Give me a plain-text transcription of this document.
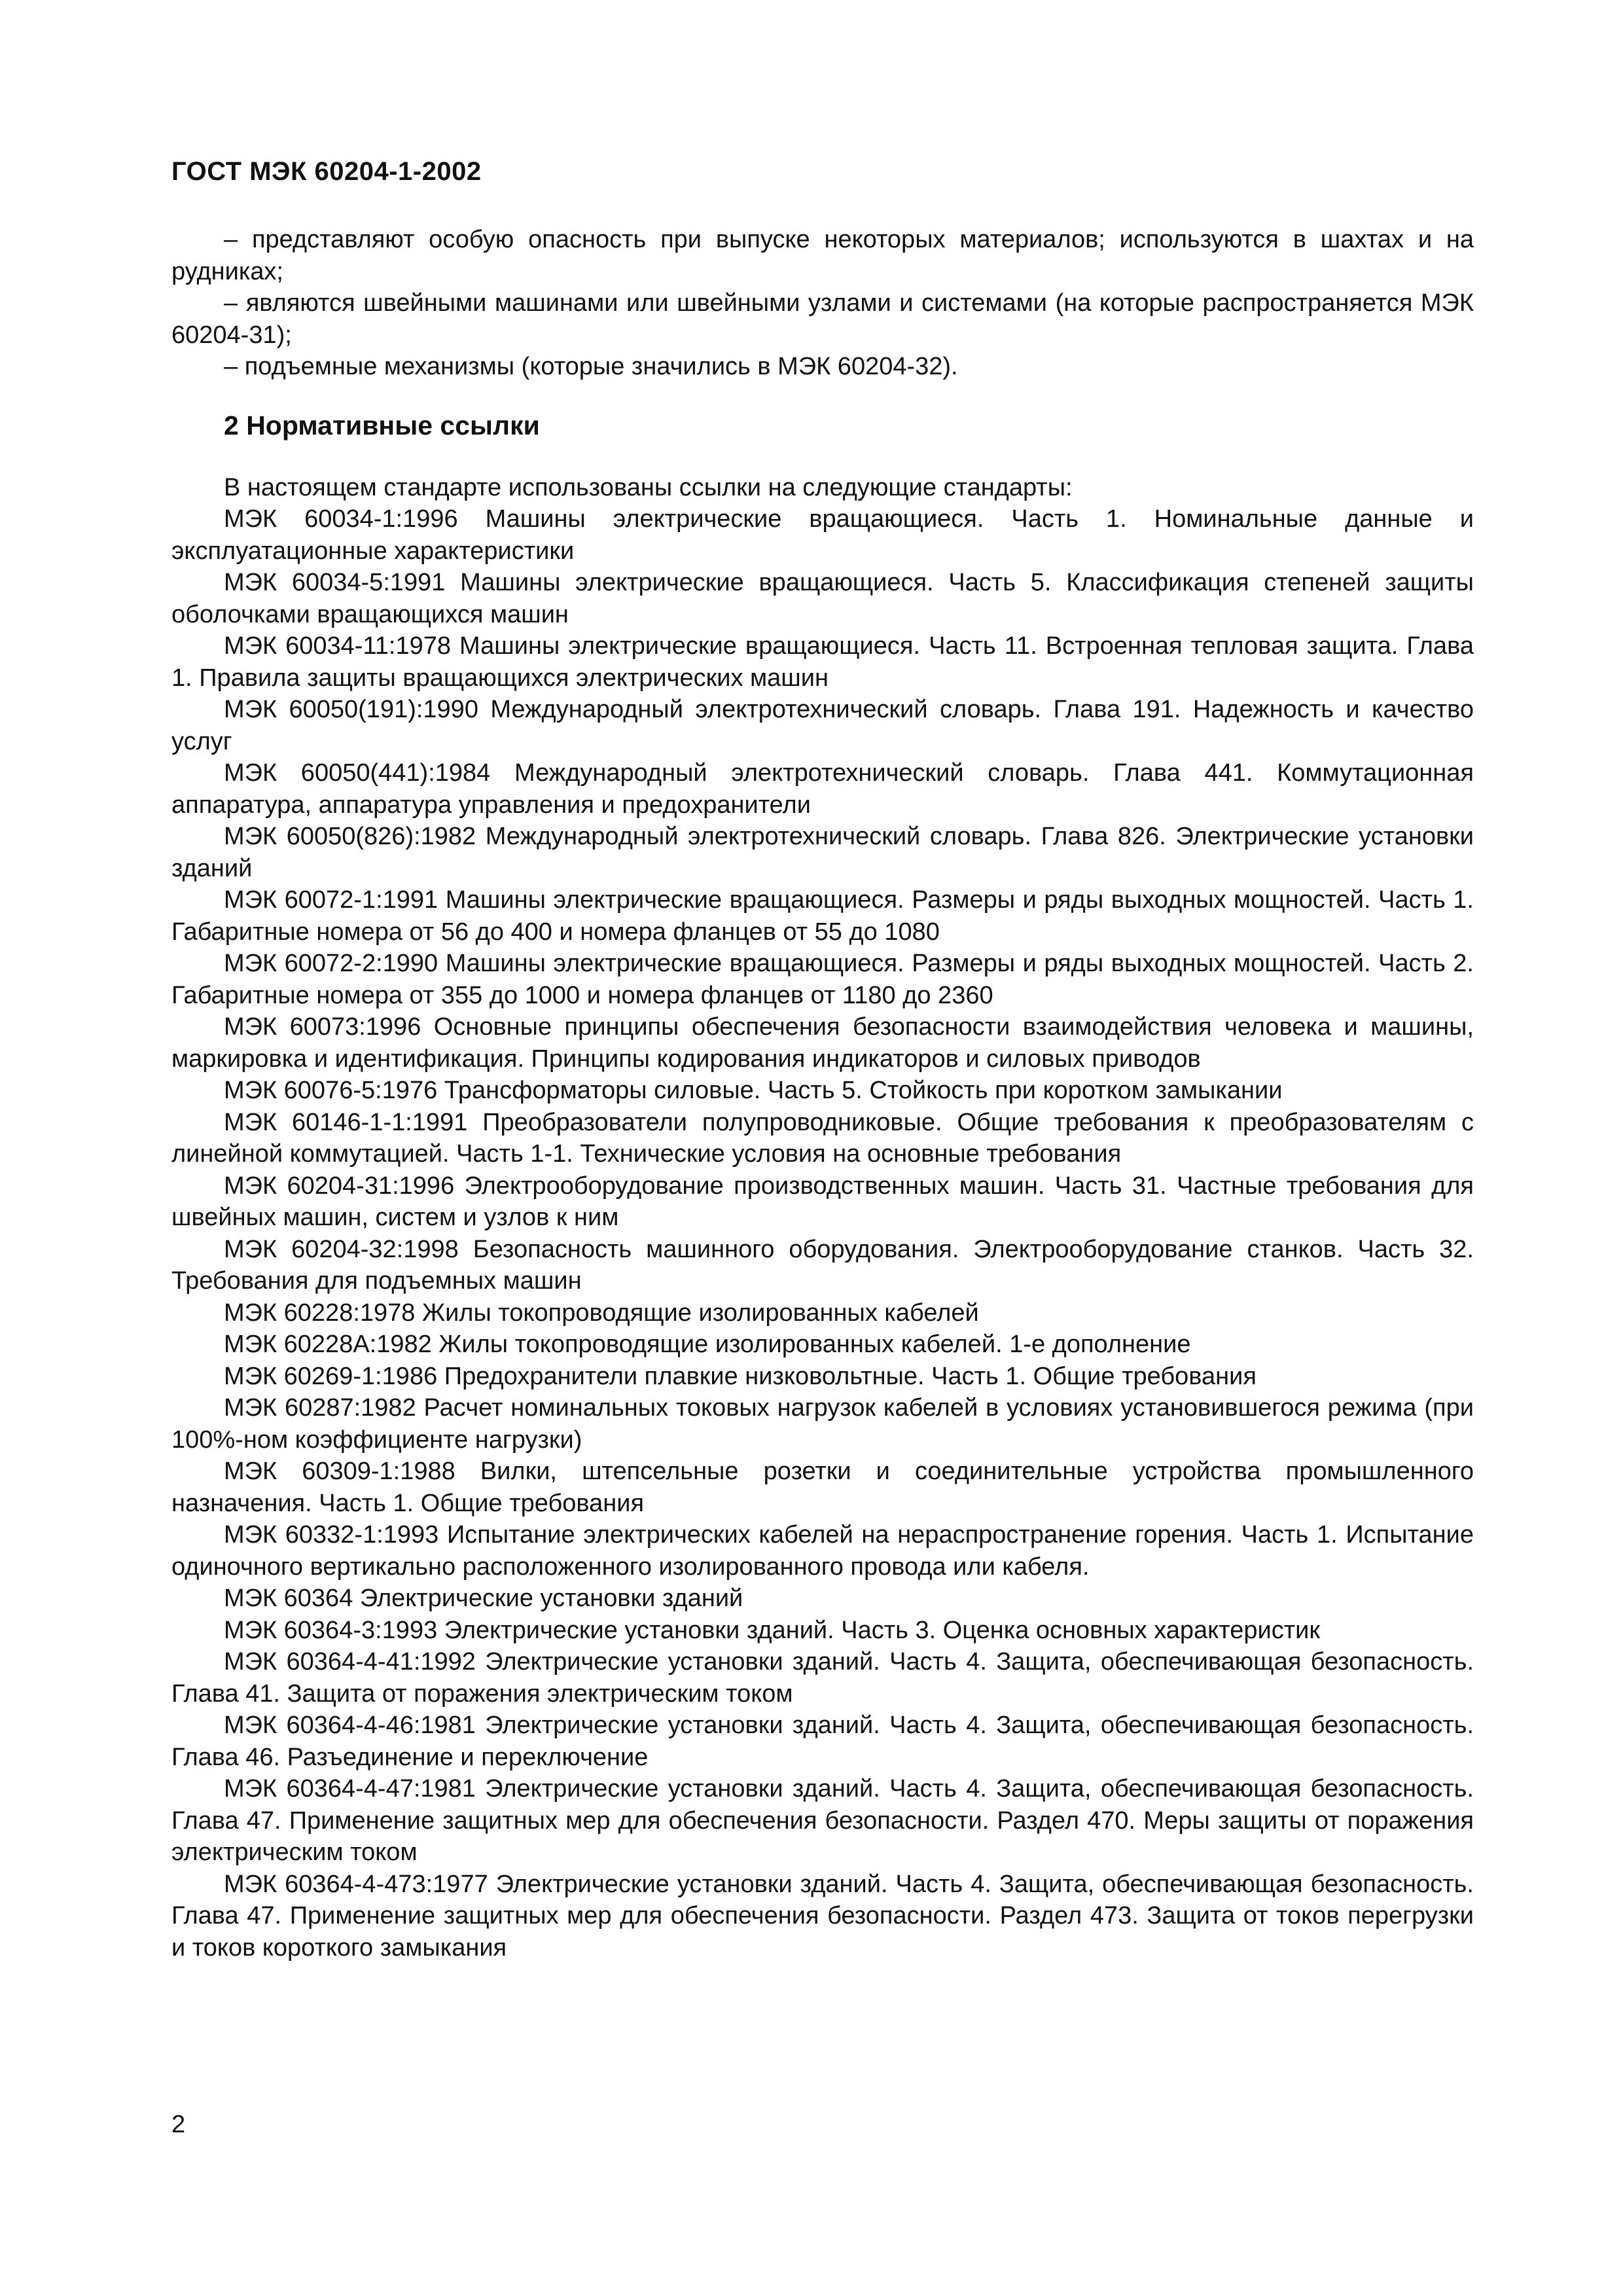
ГОСТ МЭК 60204-1-2002

– представляют особую опасность при выпуске некоторых материалов; используются в шахтах и на рудниках;

– являются швейными машинами или швейными узлами и системами (на которые распространяется МЭК 60204-31);

– подъемные механизмы (которые значились в МЭК 60204-32).

2 Нормативные ссылки

В настоящем стандарте использованы ссылки на следующие стандарты:

МЭК 60034-1:1996 Машины электрические вращающиеся. Часть 1. Номинальные данные и эксплуатационные характеристики

МЭК 60034-5:1991 Машины электрические вращающиеся. Часть 5. Классификация степеней защиты оболочками вращающихся машин

МЭК 60034-11:1978 Машины электрические вращающиеся. Часть 11. Встроенная тепловая защита. Глава 1. Правила защиты вращающихся электрических машин

МЭК 60050(191):1990 Международный электротехнический словарь. Глава 191. Надежность и качество услуг

МЭК 60050(441):1984 Международный электротехнический словарь. Глава 441. Коммутационная аппаратура, аппаратура управления и предохранители

МЭК 60050(826):1982 Международный электротехнический словарь. Глава 826. Электрические установки зданий

МЭК 60072-1:1991 Машины электрические вращающиеся. Размеры и ряды выходных мощностей. Часть 1. Габаритные номера от 56 до 400 и номера фланцев от 55 до 1080

МЭК 60072-2:1990 Машины электрические вращающиеся. Размеры и ряды выходных мощностей. Часть 2. Габаритные номера от 355 до 1000 и номера фланцев от 1180 до 2360

МЭК 60073:1996 Основные принципы обеспечения безопасности взаимодействия человека и машины, маркировка и идентификация. Принципы кодирования индикаторов и силовых приводов

МЭК 60076-5:1976 Трансформаторы силовые. Часть 5. Стойкость при коротком замыкании

МЭК 60146-1-1:1991 Преобразователи полупроводниковые. Общие требования к преобразователям с линейной коммутацией. Часть 1-1. Технические условия на основные требования

МЭК 60204-31:1996 Электрооборудование производственных машин. Часть 31. Частные требования для швейных машин, систем и узлов к ним

МЭК 60204-32:1998 Безопасность машинного оборудования. Электрооборудование станков. Часть 32. Требования для подъемных машин

МЭК 60228:1978 Жилы токопроводящие изолированных кабелей

МЭК 60228А:1982 Жилы токопроводящие изолированных кабелей. 1-е дополнение

МЭК 60269-1:1986 Предохранители плавкие низковольтные. Часть 1. Общие требования

МЭК 60287:1982 Расчет номинальных токовых нагрузок кабелей в условиях установившегося режима (при 100%-ном коэффициенте нагрузки)

МЭК 60309-1:1988 Вилки, штепсельные розетки и соединительные устройства промышленного назначения. Часть 1. Общие требования

МЭК 60332-1:1993 Испытание электрических кабелей на нераспространение горения. Часть 1. Испытание одиночного вертикально расположенного изолированного провода или кабеля.

МЭК 60364 Электрические установки зданий

МЭК 60364-3:1993 Электрические установки зданий. Часть 3. Оценка основных характеристик

МЭК 60364-4-41:1992 Электрические установки зданий. Часть 4. Защита, обеспечивающая безопасность. Глава 41. Защита от поражения электрическим током

МЭК 60364-4-46:1981 Электрические установки зданий. Часть 4. Защита, обеспечивающая безопасность. Глава 46. Разъединение и переключение

МЭК 60364-4-47:1981 Электрические установки зданий. Часть 4. Защита, обеспечивающая безопасность. Глава 47. Применение защитных мер для обеспечения безопасности. Раздел 470. Меры защиты от поражения электрическим током

МЭК 60364-4-473:1977 Электрические установки зданий. Часть 4. Защита, обеспечивающая безопасность. Глава 47. Применение защитных мер для обеспечения безопасности. Раздел 473. Защита от токов перегрузки и токов короткого замыкания

2
